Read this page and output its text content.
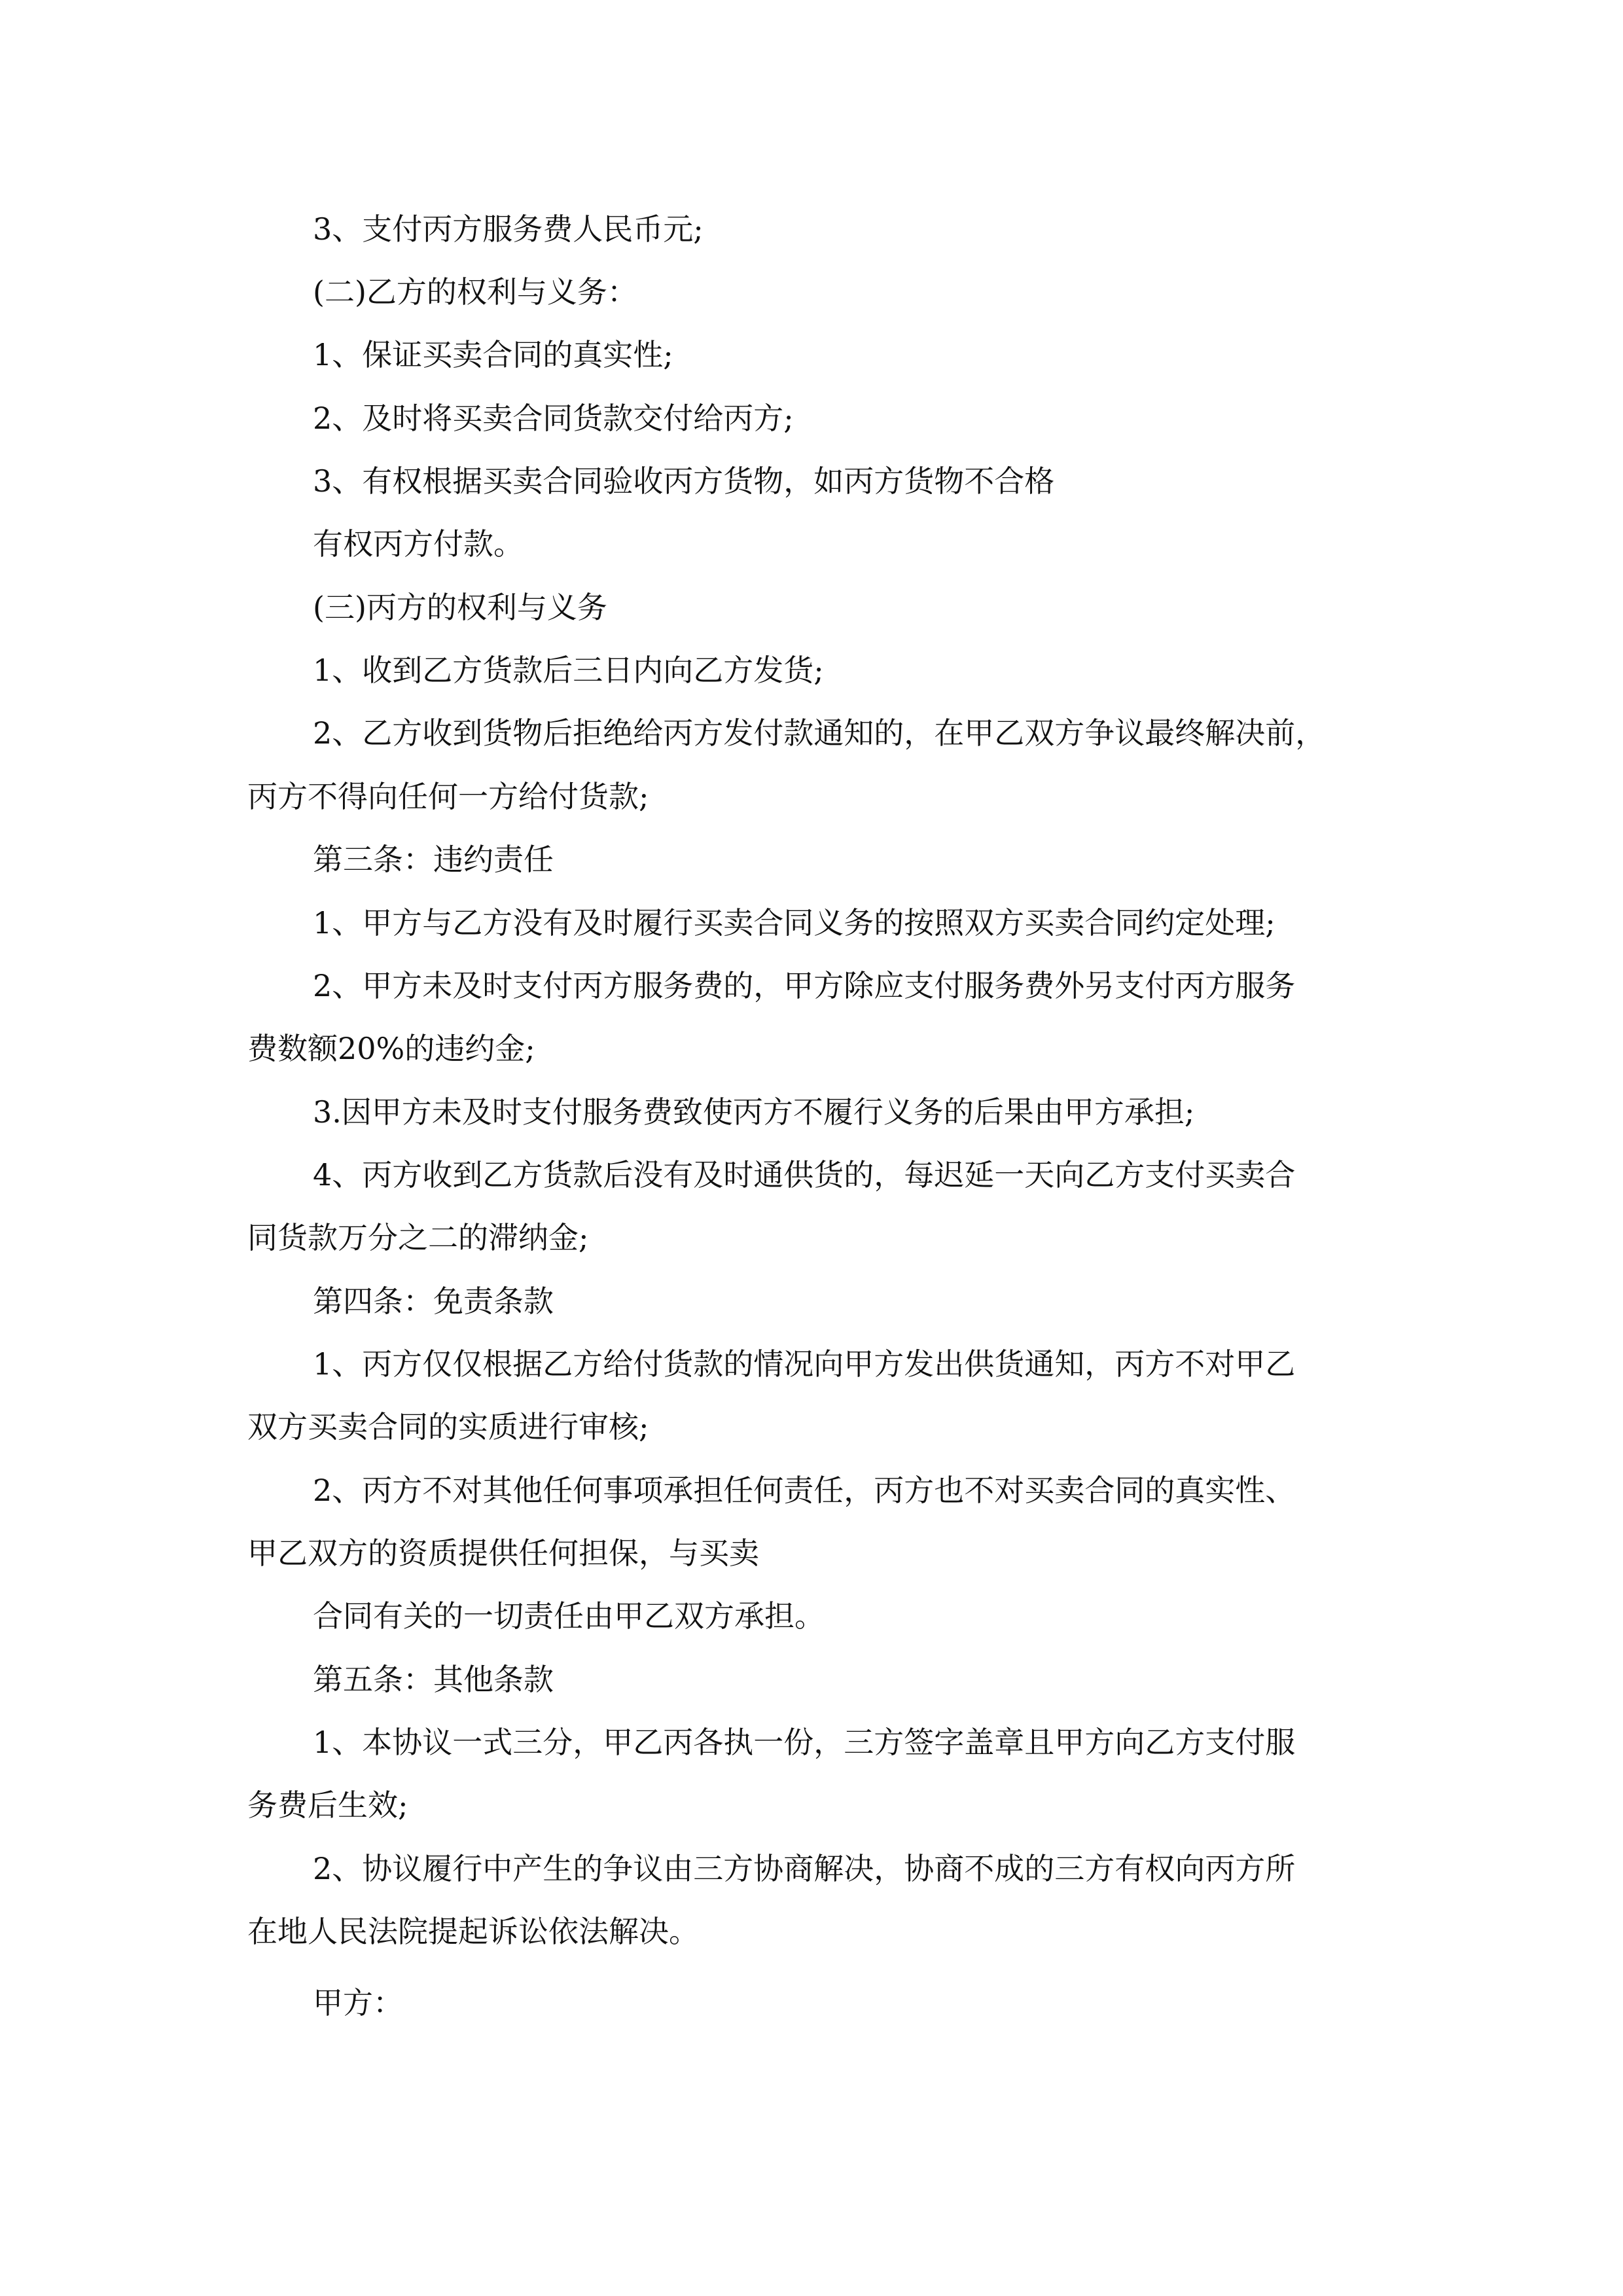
3、支付丙方服务费人民币元;

(二)乙方的权利与义务：

1、保证买卖合同的真实性;

2、及时将买卖合同货款交付给丙方;

3、有权根据买卖合同验收丙方货物，如丙方货物不合格

有权丙方付款。

(三)丙方的权利与义务

1、收到乙方货款后三日内向乙方发货;

2、乙方收到货物后拒绝给丙方发付款通知的，在甲乙双方争议最终解决前，

丙方不得向任何一方给付货款;

第三条：违约责任

1、甲方与乙方没有及时履行买卖合同义务的按照双方买卖合同约定处理;

2、甲方未及时支付丙方服务费的，甲方除应支付服务费外另支付丙方服务

费数额20%的违约金;

3.因甲方未及时支付服务费致使丙方不履行义务的后果由甲方承担;

4、丙方收到乙方货款后没有及时通供货的，每迟延一天向乙方支付买卖合

同货款万分之二的滞纳金;

第四条：免责条款

1、丙方仅仅根据乙方给付货款的情况向甲方发出供货通知，丙方不对甲乙

双方买卖合同的实质进行审核;

2、丙方不对其他任何事项承担任何责任，丙方也不对买卖合同的真实性、

甲乙双方的资质提供任何担保，与买卖

合同有关的一切责任由甲乙双方承担。

第五条：其他条款

1、本协议一式三分，甲乙丙各执一份，三方签字盖章且甲方向乙方支付服

务费后生效;

2、协议履行中产生的争议由三方协商解决，协商不成的三方有权向丙方所

在地人民法院提起诉讼依法解决。

甲方：
